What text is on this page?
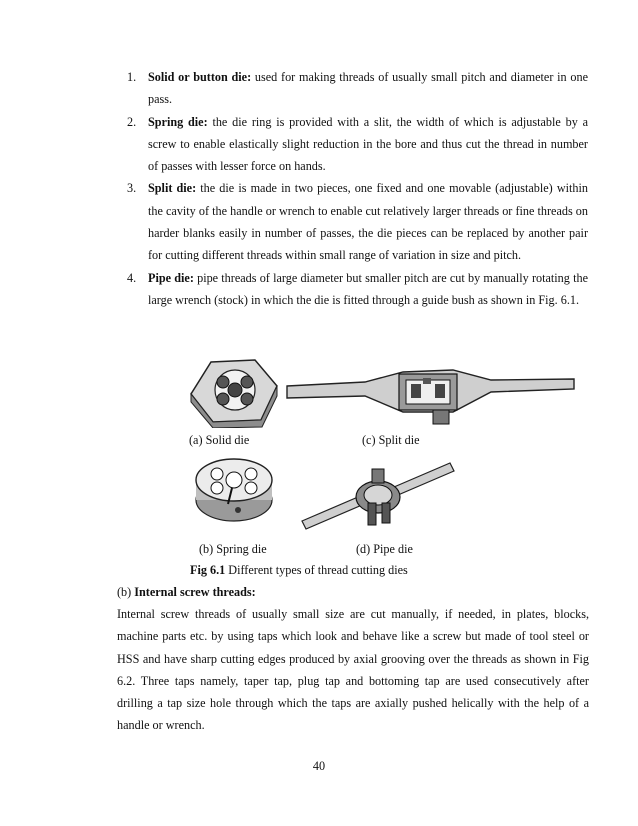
1. Solid or button die: used for making threads of usually small pitch and diameter in one pass.
2. Spring die: the die ring is provided with a slit, the width of which is adjustable by a screw to enable elastically slight reduction in the bore and thus cut the thread in number of passes with lesser force on hands.
3. Split die: the die is made in two pieces, one fixed and one movable (adjustable) within the cavity of the handle or wrench to enable cut relatively larger threads or fine threads on harder blanks easily in number of passes, the die pieces can be replaced by another pair for cutting different threads within small range of variation in size and pitch.
4. Pipe die: pipe threads of large diameter but smaller pitch are cut by manually rotating the large wrench (stock) in which the die is fitted through a guide bush as shown in Fig. 6.1.
(a) Solid die	(c) Split die
(b) Spring die	(d) Pipe die
Fig 6.1 Different types of thread cutting dies
(b) Internal screw threads:

Internal screw threads of usually small size are cut manually, if needed, in plates, blocks, machine parts etc. by using taps which look and behave like a screw but made of tool steel or HSS and have sharp cutting edges produced by axial grooving over the threads as shown in Fig 6.2. Three taps namely, taper tap, plug tap and bottoming tap are used consecutively after drilling a tap size hole through which the taps are axially pushed helically with the help of a handle or wrench.

40
